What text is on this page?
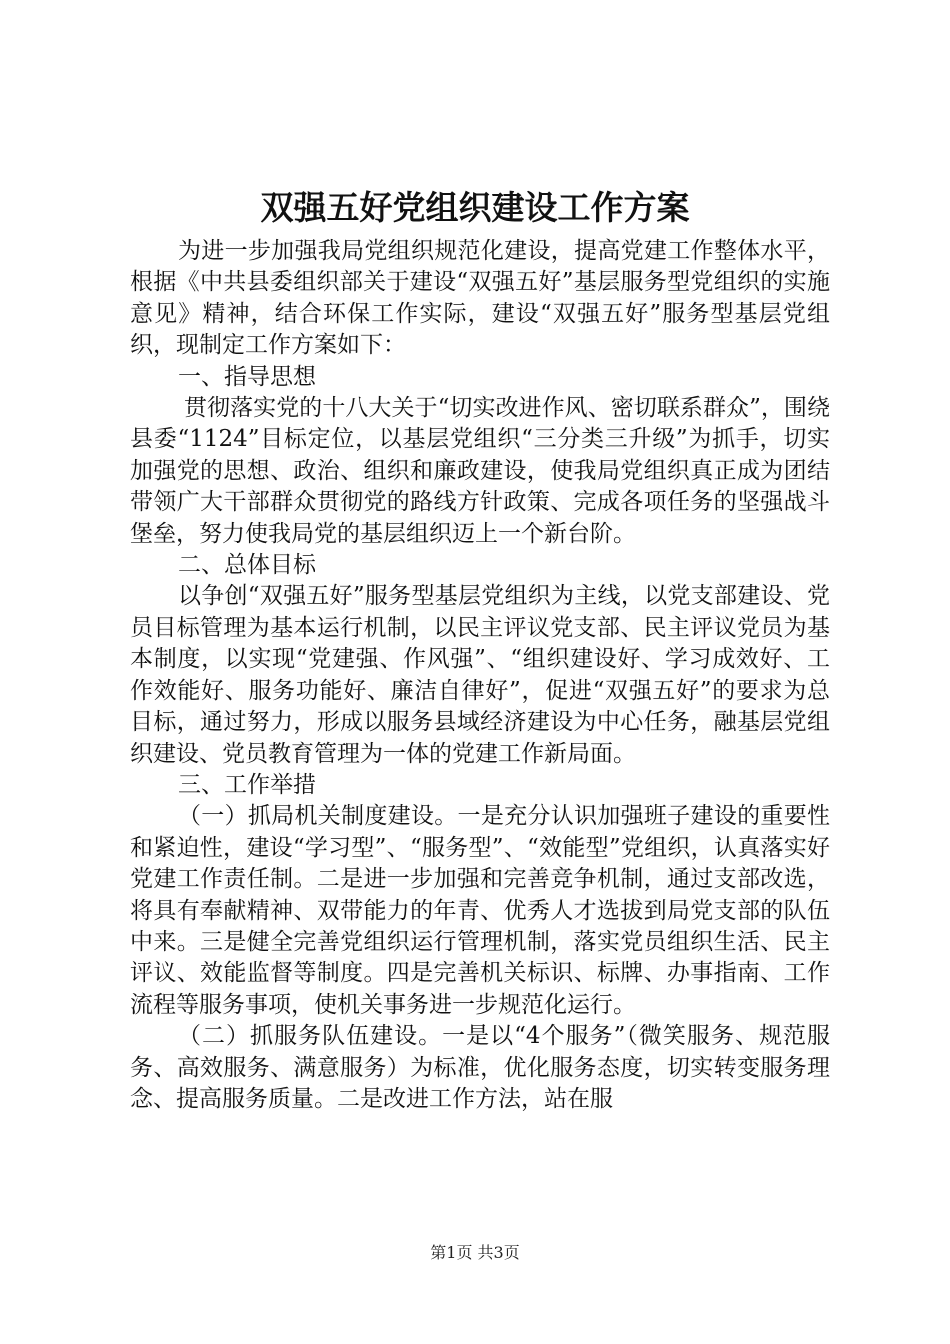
双强五好党组织建设工作方案

为进一步加强我局党组织规范化建设，提高党建工作整体水平，根据《中共县委组织部关于建设“双强五好”基层服务型党组织的实施意见》精神，结合环保工作实际，建设“双强五好”服务型基层党组织，现制定工作方案如下：

一、指导思想

贯彻落实党的十八大关于“切实改进作风、密切联系群众”，围绕县委“1124”目标定位，以基层党组织“三分类三升级”为抓手，切实加强党的思想、政治、组织和廉政建设，使我局党组织真正成为团结带领广大干部群众贯彻党的路线方针政策、完成各项任务的坚强战斗堡垒，努力使我局党的基层组织迈上一个新台阶。

二、总体目标

以争创“双强五好”服务型基层党组织为主线，以党支部建设、党员目标管理为基本运行机制，以民主评议党支部、民主评议党员为基本制度，以实现“党建强、作风强”、“组织建设好、学习成效好、工作效能好、服务功能好、廉洁自律好”，促进“双强五好”的要求为总目标，通过努力，形成以服务县域经济建设为中心任务，融基层党组织建设、党员教育管理为一体的党建工作新局面。

三、工作举措

（一）抓局机关制度建设。一是充分认识加强班子建设的重要性和紧迫性，建设“学习型”、“服务型”、“效能型”党组织，认真落实好党建工作责任制。二是进一步加强和完善竞争机制，通过支部改选，将具有奉献精神、双带能力的年青、优秀人才选拔到局党支部的队伍中来。三是健全完善党组织运行管理机制，落实党员组织生活、民主评议、效能监督等制度。四是完善机关标识、标牌、办事指南、工作流程等服务事项，使机关事务进一步规范化运行。

（二）抓服务队伍建设。一是以“4个服务”（微笑服务、规范服务、高效服务、满意服务）为标准，优化服务态度，切实转变服务理念、提高服务质量。二是改进工作方法，站在服

第1页 共3页
